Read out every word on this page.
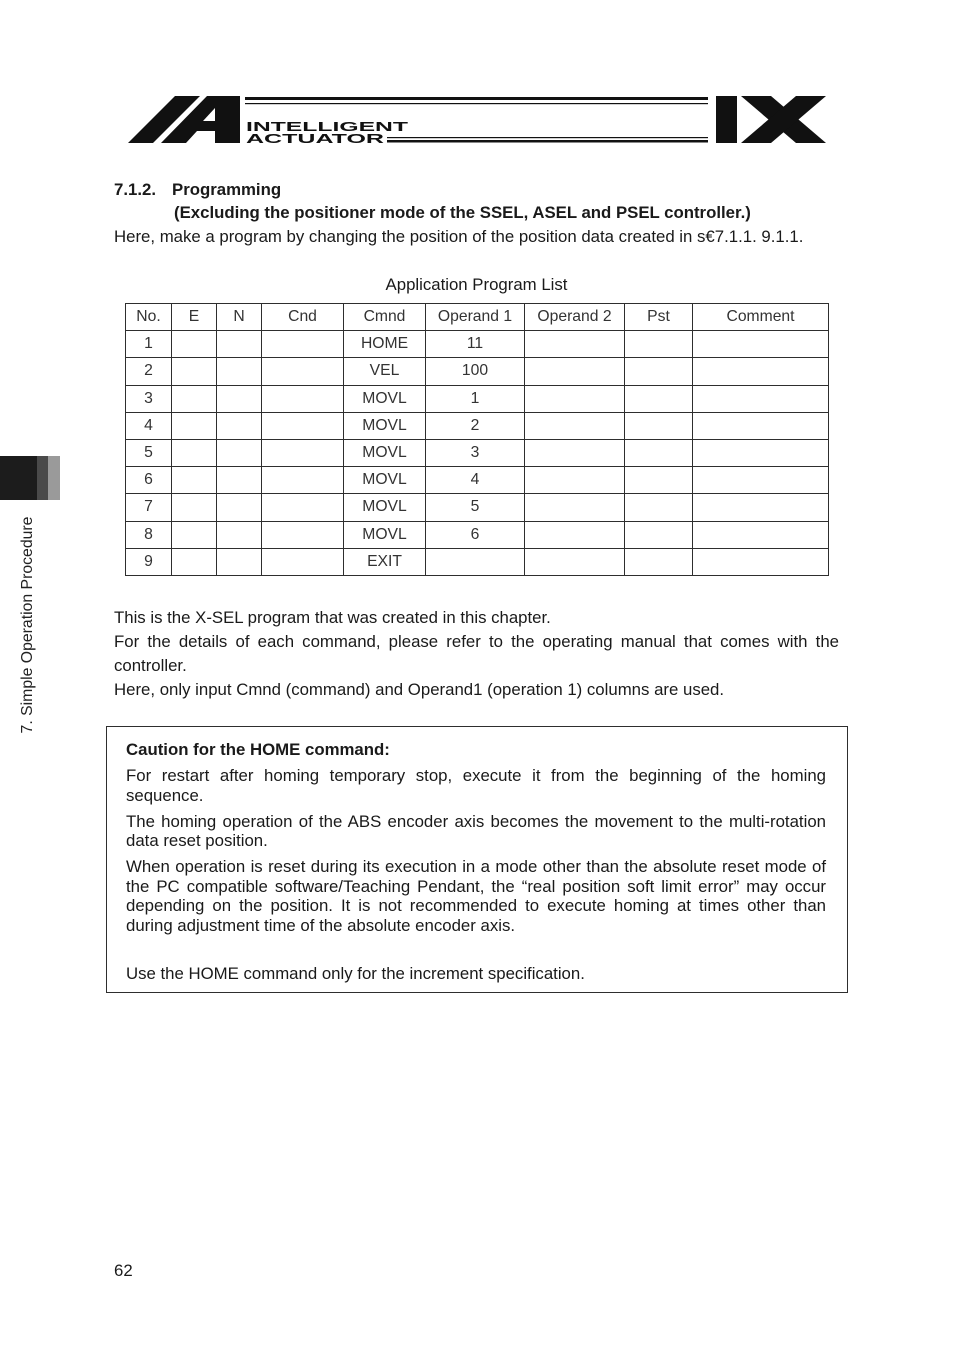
INTELLIGENT
ACTUATOR
7.1.2. Programming
(Excluding the positioner mode of the SSEL, ASEL and PSEL controller.)
Here, make a program by changing the position of the position data created in s€7.1.1. 9.1.1.
Application Program List
No.	E	N	Cnd	Cmnd	Operand 1	Operand 2	Pst	Comment
1				HOME	11			
2				VEL	100			
3				MOVL	1			
4				MOVL	2			
5				MOVL	3			
6				MOVL	4			
7				MOVL	5			
8				MOVL	6			
9				EXIT				

This is the X-SEL program that was created in this chapter.

For the details of each command, please refer to the operating manual that comes with the controller.

Here, only input Cmnd (command) and Operand1 (operation 1) columns are used.

Caution for the HOME command:

For restart after homing temporary stop, execute it from the beginning of the homing sequence.

The homing operation of the ABS encoder axis becomes the movement to the multi-rotation data reset position.

When operation is reset during its execution in a mode other than the absolute reset mode of the PC compatible software/Teaching Pendant, the “real position soft limit error” may occur depending on the position. It is not recommended to execute homing at times other than during adjustment time of the absolute encoder axis.

Use the HOME command only for the increment specification.

7. Simple Operation Procedure
62
